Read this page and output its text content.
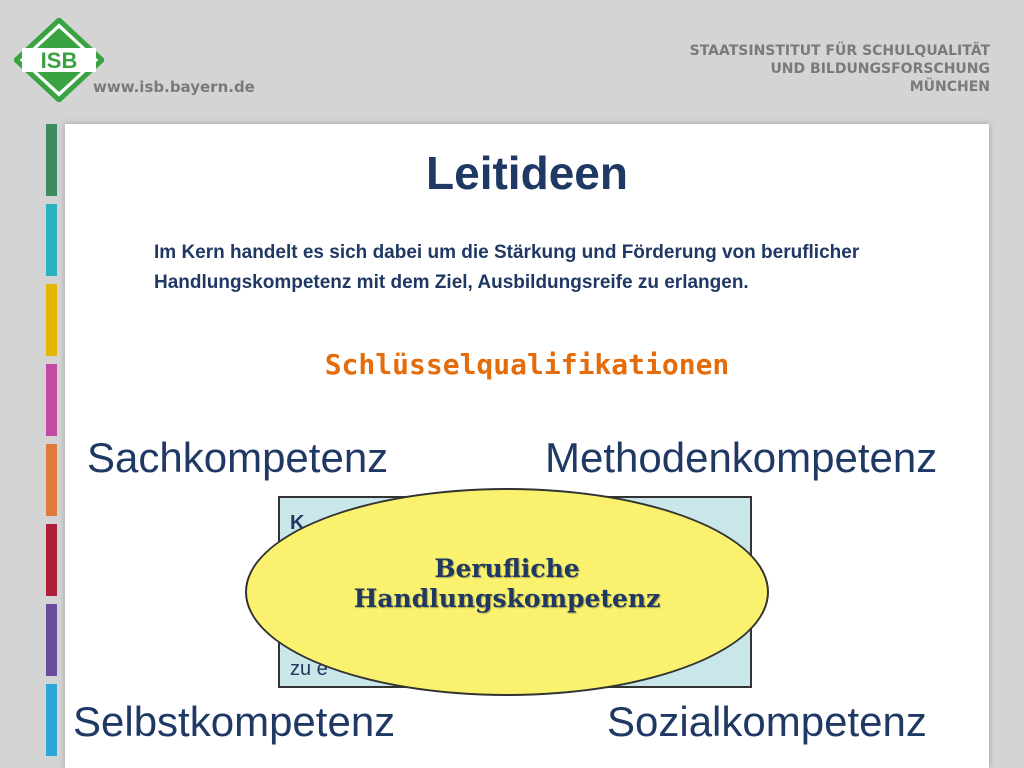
ISB
www.isb.bayern.de
STAATSINSTITUT FÜR SCHULQUALITÄT
UND BILDUNGSFORSCHUNG
MÜNCHEN
Leitideen
Im Kern handelt es sich dabei um die Stärkung und Förderung von beruflicher Handlungskompetenz mit dem Ziel, Ausbildungsreife zu erlangen.
Schlüsselqualifikationen
Sachkompetenz	Methodenkompetenz
K
zu e
Berufliche
Handlungskompetenz
Selbstkompetenz	Sozialkompetenz
